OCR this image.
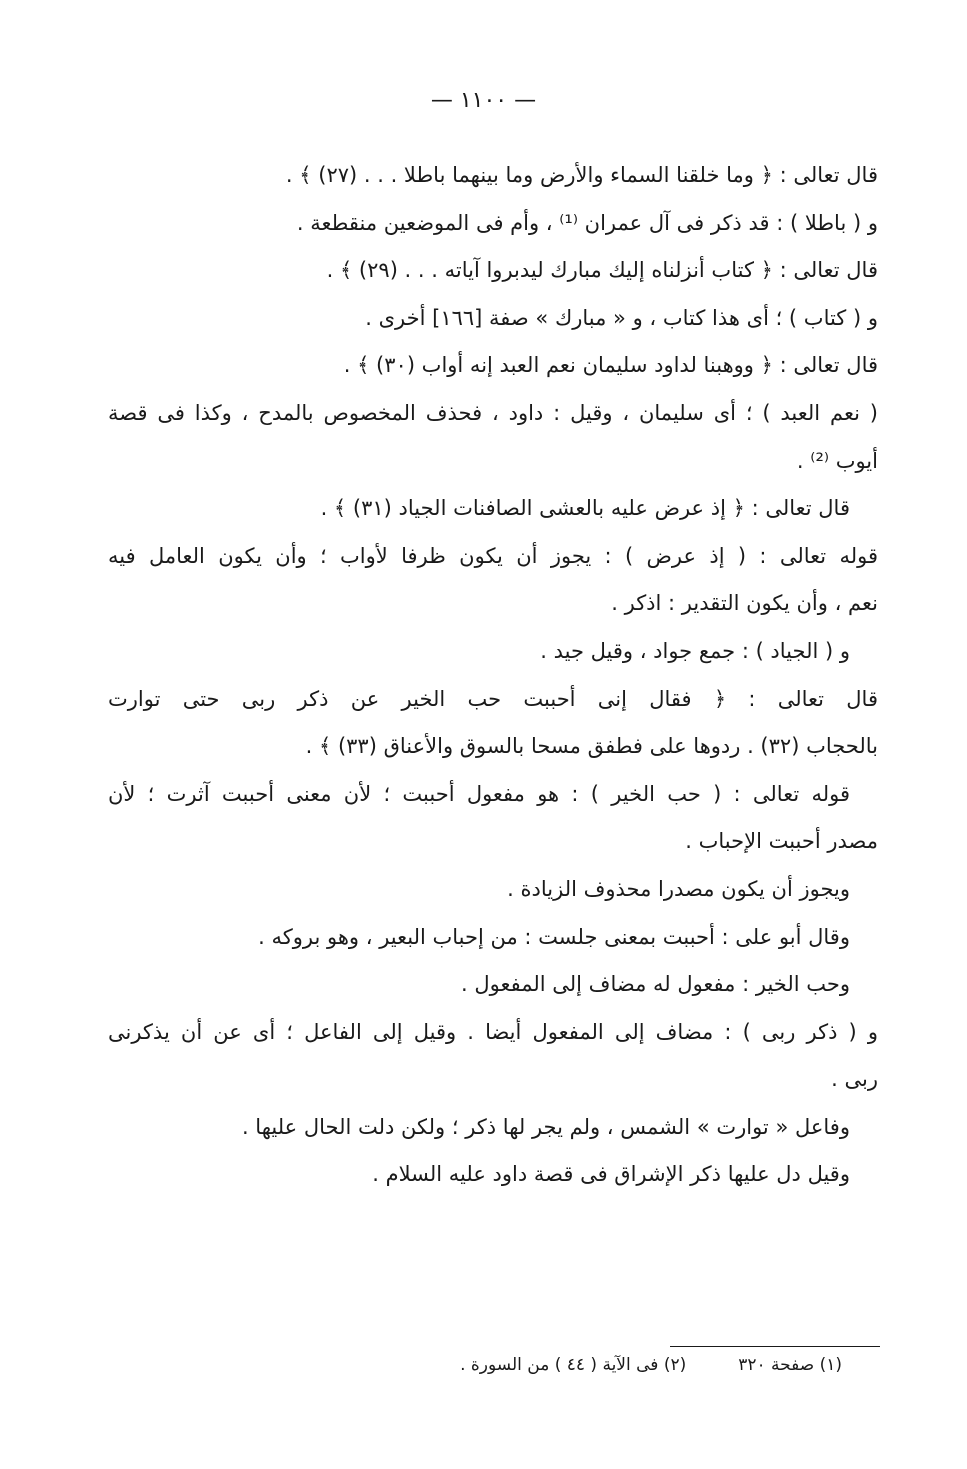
— ١١٠٠ —
قال تعالى : ﴿ وما خلقنا السماء والأرض وما بينهما باطلا . . . (٢٧) ﴾ .
و ( باطلا ) : قد ذكر فى آل عمران ⁽¹⁾ ، وأم فى الموضعين منقطعة .
قال تعالى : ﴿ كتاب أنزلناه إليك مبارك ليدبروا آياته . . . (٢٩) ﴾ .
و ( كتاب ) ؛ أى هذا كتاب ، و « مبارك » صفة [١٦٦] أخرى .
قال تعالى : ﴿ ووهبنا لداود سليمان نعم العبد إنه أواب (٣٠) ﴾ .
( نعم العبد ) ؛ أى سليمان ، وقيل : داود ، فحذف المخصوص بالمدح ، وكذا فى قصة
أيوب ⁽²⁾ .
قال تعالى : ﴿ إذ عرض عليه بالعشى الصافنات الجياد (٣١) ﴾ .
قوله تعالى : ( إذ عرض ) : يجوز أن يكون ظرفا لأواب ؛ وأن يكون العامل فيه
نعم ، وأن يكون التقدير : اذكر .
و ( الجياد ) : جمع جواد ، وقيل جيد .
قال تعالى : ﴿ فقال إنى أحببت حب الخير عن ذكر ربى حتى توارت
بالحجاب (٣٢) . ردوها على فطفق مسحا بالسوق والأعناق (٣٣) ﴾ .
قوله تعالى : ( حب الخير ) : هو مفعول أحببت ؛ لأن معنى أحببت آثرت ؛ لأن
مصدر أحببت الإحباب .
ويجوز أن يكون مصدرا محذوف الزيادة .
وقال أبو على : أحببت بمعنى جلست : من إحباب البعير ، وهو بروكه .
وحب الخير : مفعول له مضاف إلى المفعول .
و ( ذكر ربى ) : مضاف إلى المفعول أيضا . وقيل إلى الفاعل ؛ أى عن أن يذكرنى
ربى .
وفاعل « توارت » الشمس ، ولم يجر لها ذكر ؛ ولكن دلت الحال عليها .
وقيل دل عليها ذكر الإشراق فى قصة داود عليه السلام .
(١) صفحة ٣٢٠
(٢) فى الآية ( ٤٤ ) من السورة .
